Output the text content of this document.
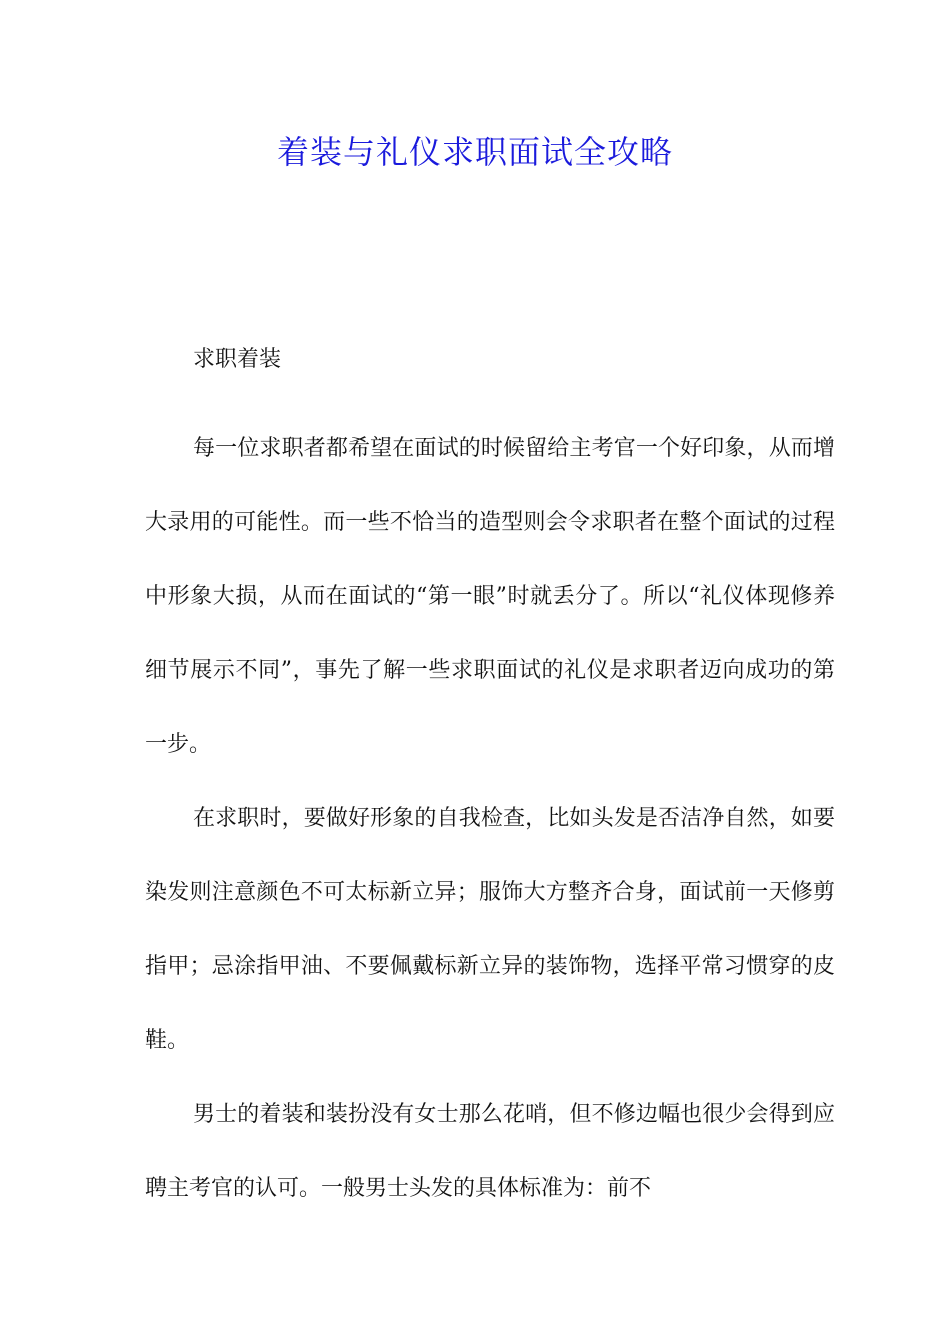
着装与礼仪求职面试全攻略

求职着装

每一位求职者都希望在面试的时候留给主考官一个好印象，从而增大录用的可能性。而一些不恰当的造型则会令求职者在整个面试的过程中形象大损，从而在面试的“第一眼”时就丢分了。所以“礼仪体现修养细节展示不同”，事先了解一些求职面试的礼仪是求职者迈向成功的第一步。

在求职时，要做好形象的自我检查，比如头发是否洁净自然，如要染发则注意颜色不可太标新立异；服饰大方整齐合身，面试前一天修剪指甲；忌涂指甲油、不要佩戴标新立异的装饰物，选择平常习惯穿的皮鞋。

男士的着装和装扮没有女士那么花哨，但不修边幅也很少会得到应聘主考官的认可。一般男士头发的具体标准为：前不
